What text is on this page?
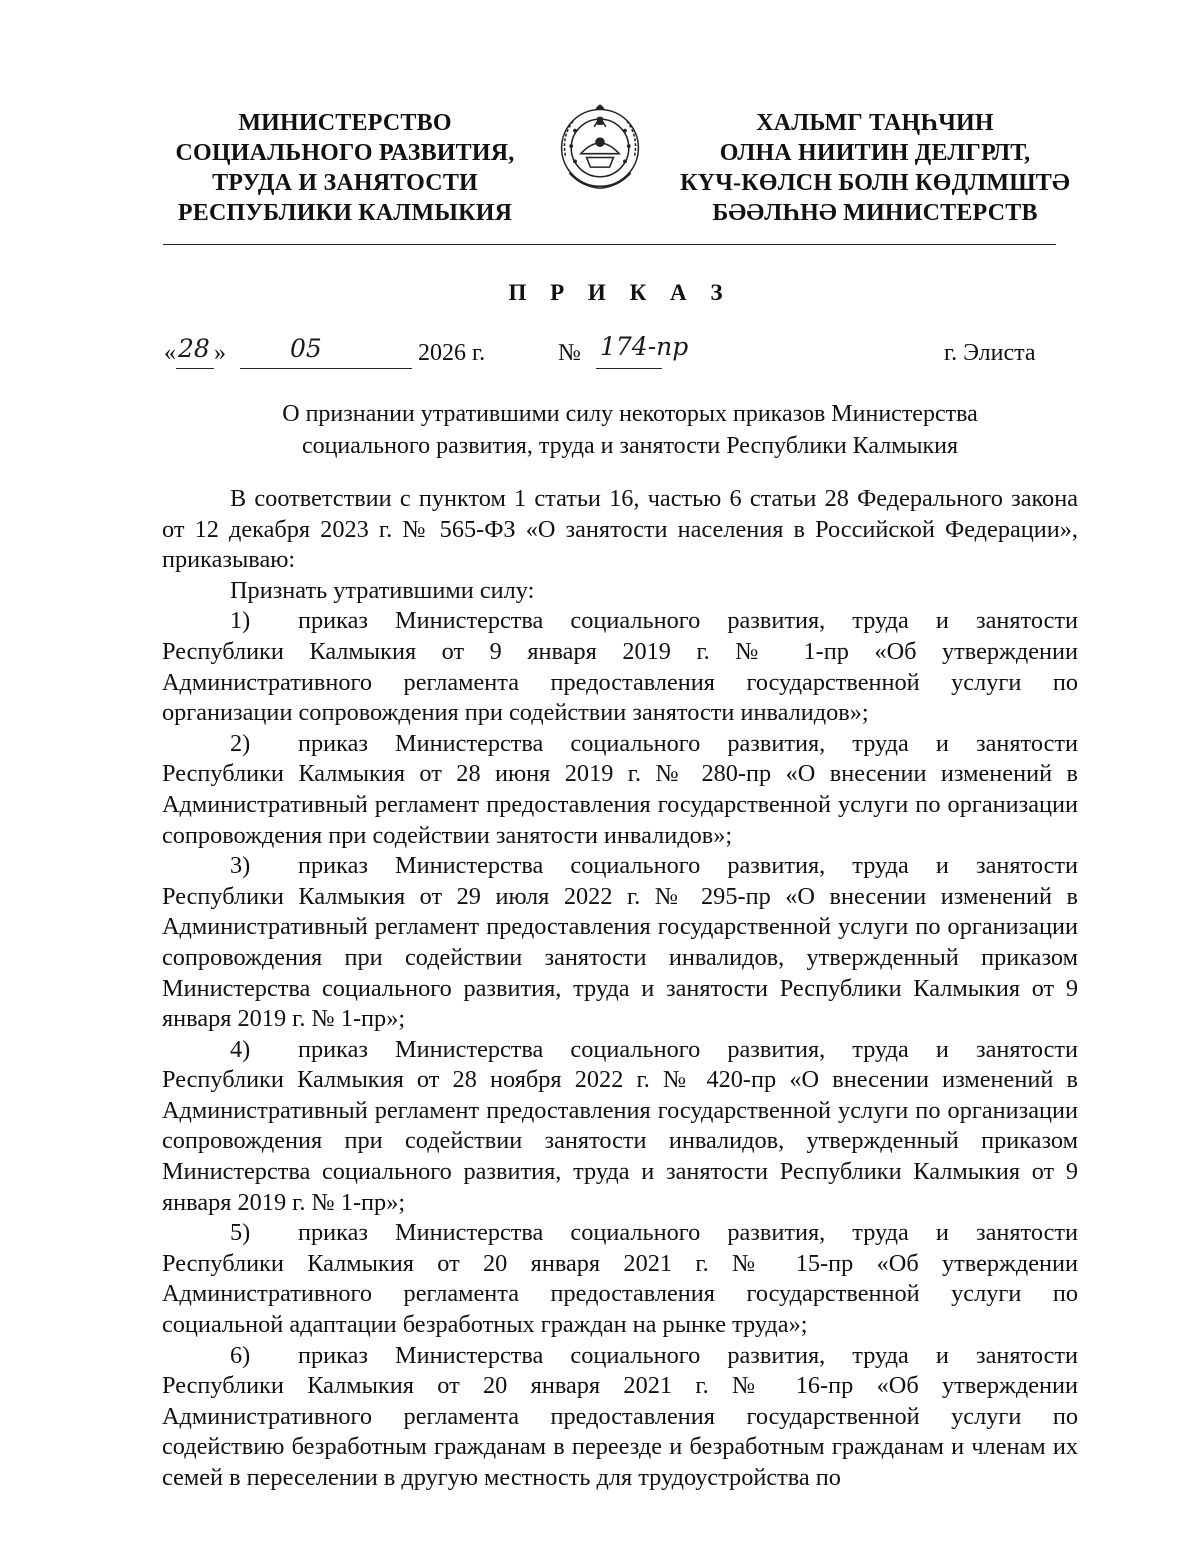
МИНИСТЕРСТВО
СОЦИАЛЬНОГО РАЗВИТИЯ,
ТРУДА И ЗАНЯТОСТИ
РЕСПУБЛИКИ КАЛМЫКИЯ
ХАЛЬМГ ТАҢҺЧИН
ОЛНА НИИТИН ДЕЛГРЛТ,
КҮЧ-КӨЛСН БОЛН КӨДЛМШТӘ
БӘӘЛҺНӘ МИНИСТЕРСТВ
П Р И К А З
« 28 »	05	2026 г.	№ 174-пр	г. Элиста
О признании утратившими силу некоторых приказов Министерства
социального развития, труда и занятости Республики Калмыкия

В соответствии с пунктом 1 статьи 16, частью 6 статьи 28 Федерального закона от 12 декабря 2023 г. № 565-ФЗ «О занятости населения в Российской Федерации», приказываю:

Признать утратившими силу:

1) приказ Министерства социального развития, труда и занятости Республики Калмыкия от 9 января 2019 г. № 1-пр «Об утверждении Административного регламента предоставления государственной услуги по организации сопровождения при содействии занятости инвалидов»;

2) приказ Министерства социального развития, труда и занятости Республики Калмыкия от 28 июня 2019 г. № 280-пр «О внесении изменений в Административный регламент предоставления государственной услуги по организации сопровождения при содействии занятости инвалидов»;

3) приказ Министерства социального развития, труда и занятости Республики Калмыкия от 29 июля 2022 г. № 295-пр «О внесении изменений в Административный регламент предоставления государственной услуги по организации сопровождения при содействии занятости инвалидов, утвержденный приказом Министерства социального развития, труда и занятости Республики Калмыкия от 9 января 2019 г. № 1-пр»;

4) приказ Министерства социального развития, труда и занятости Республики Калмыкия от 28 ноября 2022 г. № 420-пр «О внесении изменений в Административный регламент предоставления государственной услуги по организации сопровождения при содействии занятости инвалидов, утвержденный приказом Министерства социального развития, труда и занятости Республики Калмыкия от 9 января 2019 г. № 1-пр»;

5) приказ Министерства социального развития, труда и занятости Республики Калмыкия от 20 января 2021 г. № 15-пр «Об утверждении Административного регламента предоставления государственной услуги по социальной адаптации безработных граждан на рынке труда»;

6) приказ Министерства социального развития, труда и занятости Республики Калмыкия от 20 января 2021 г. № 16-пр «Об утверждении Административного регламента предоставления государственной услуги по содействию безработным гражданам в переезде и безработным гражданам и членам их семей в переселении в другую местность для трудоустройства по
